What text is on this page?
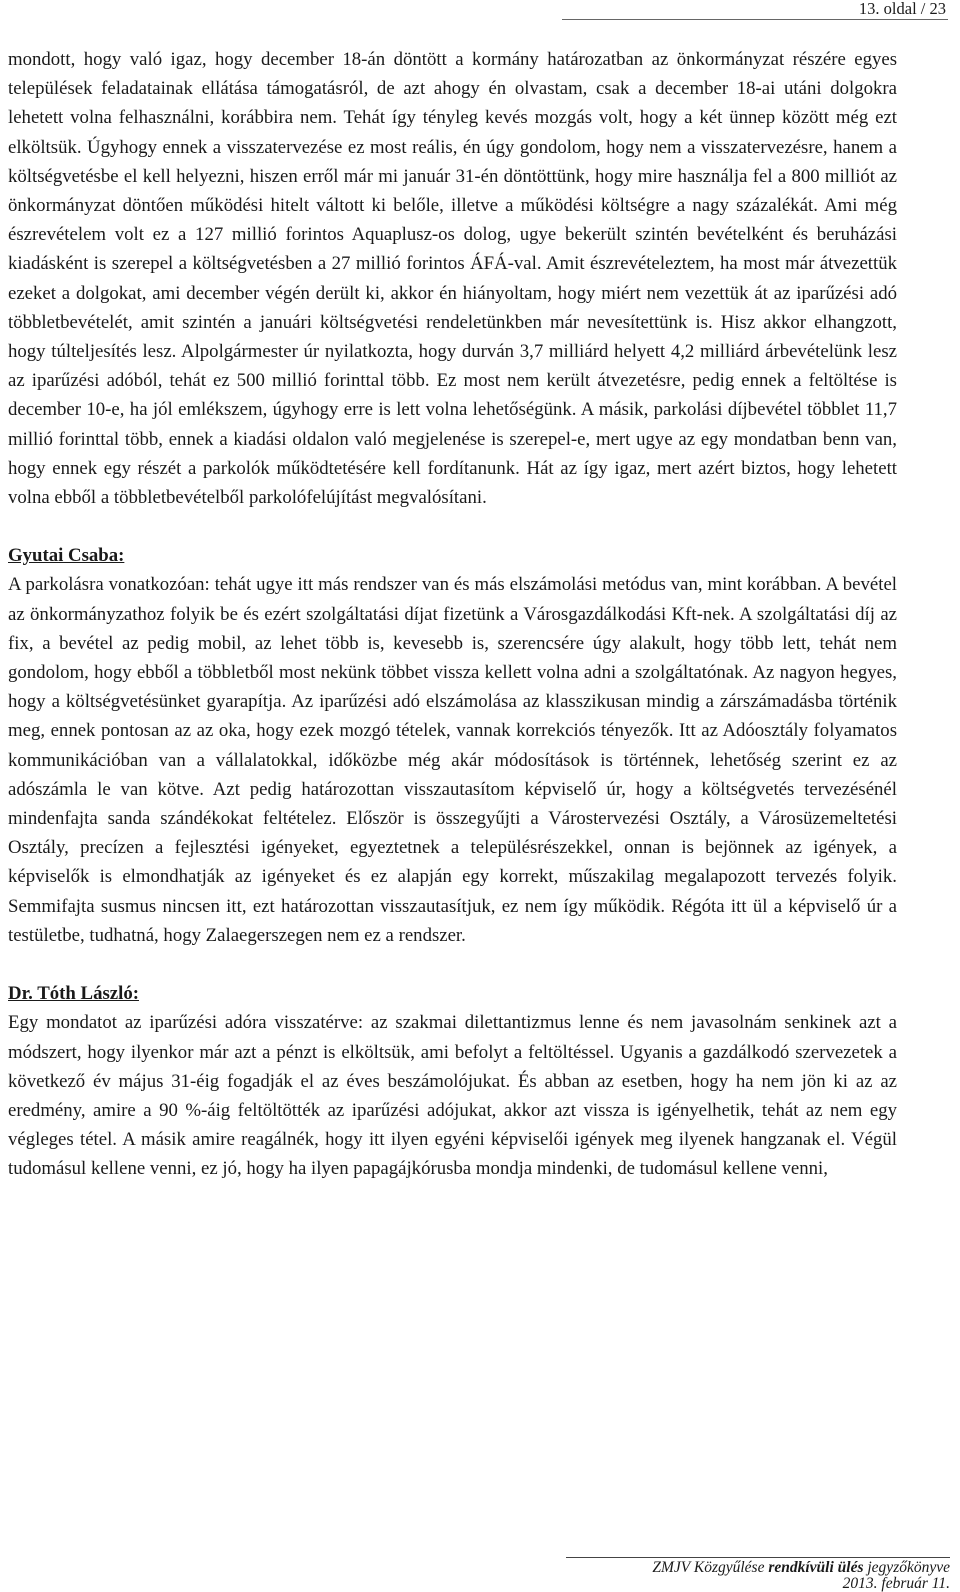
13. oldal / 23

mondott, hogy való igaz, hogy december 18-án döntött a kormány határozatban az önkormányzat részére egyes települések feladatainak ellátása támogatásról, de azt ahogy én olvastam, csak a december 18-ai utáni dolgokra lehetett volna felhasználni, korábbira nem. Tehát így tényleg kevés mozgás volt, hogy a két ünnep között még ezt elköltsük. Úgyhogy ennek a visszatervezése ez most reális, én úgy gondolom, hogy nem a visszatervezésre, hanem a költségvetésbe el kell helyezni, hiszen erről már mi január 31-én döntöttünk, hogy mire használja fel a 800 milliót az önkormányzat döntően működési hitelt váltott ki belőle, illetve a működési költségre a nagy százalékát. Ami még észrevételem volt ez a 127 millió forintos Aquaplusz-os dolog, ugye bekerült szintén bevételként és beruházási kiadásként is szerepel a költségvetésben a 27 millió forintos ÁFÁ-val. Amit észrevételeztem, ha most már átvezettük ezeket a dolgokat, ami december végén derült ki, akkor én hiányoltam, hogy miért nem vezettük át az iparűzési adó többletbevételét, amit szintén a januári költségvetési rendeletünkben már nevesítettünk is. Hisz akkor elhangzott, hogy túlteljesítés lesz. Alpolgármester úr nyilatkozta, hogy durván 3,7 milliárd helyett 4,2 milliárd árbevételünk lesz az iparűzési adóból, tehát ez 500 millió forinttal több. Ez most nem került átvezetésre, pedig ennek a feltöltése is december 10-e, ha jól emlékszem, úgyhogy erre is lett volna lehetőségünk. A másik, parkolási díjbevétel többlet 11,7 millió forinttal több, ennek a kiadási oldalon való megjelenése is szerepel-e, mert ugye az egy mondatban benn van, hogy ennek egy részét a parkolók működtetésére kell fordítanunk. Hát az így igaz, mert azért biztos, hogy lehetett volna ebből a többletbevételből parkolófelújítást megvalósítani.

Gyutai Csaba:

A parkolásra vonatkozóan: tehát ugye itt más rendszer van és más elszámolási metódus van, mint korábban. A bevétel az önkormányzathoz folyik be és ezért szolgáltatási díjat fizetünk a Városgazdálkodási Kft-nek. A szolgáltatási díj az fix, a bevétel az pedig mobil, az lehet több is, kevesebb is, szerencsére úgy alakult, hogy több lett, tehát nem gondolom, hogy ebből a többletből most nekünk többet vissza kellett volna adni a szolgáltatónak. Az nagyon hegyes, hogy a költségvetésünket gyarapítja. Az iparűzési adó elszámolása az klasszikusan mindig a zárszámadásba történik meg, ennek pontosan az az oka, hogy ezek mozgó tételek, vannak korrekciós tényezők. Itt az Adóosztály folyamatos kommunikációban van a vállalatokkal, időközbe még akár módosítások is történnek, lehetőség szerint ez az adószámla le van kötve. Azt pedig határozottan visszautasítom képviselő úr, hogy a költségvetés tervezésénél mindenfajta sanda szándékokat feltételez. Először is összegyűjti a Várostervezési Osztály, a Városüzemeltetési Osztály, precízen a fejlesztési igényeket, egyeztetnek a településrészekkel, onnan is bejönnek az igények, a képviselők is elmondhatják az igényeket és ez alapján egy korrekt, műszakilag megalapozott tervezés folyik. Semmifajta susmus nincsen itt, ezt határozottan visszautasítjuk, ez nem így működik. Régóta itt ül a képviselő úr a testületbe, tudhatná, hogy Zalaegerszegen nem ez a rendszer.

Dr. Tóth László:

Egy mondatot az iparűzési adóra visszatérve: az szakmai dilettantizmus lenne és nem javasolnám senkinek azt a módszert, hogy ilyenkor már azt a pénzt is elköltsük, ami befolyt a feltöltéssel. Ugyanis a gazdálkodó szervezetek a következő év május 31-éig fogadják el az éves beszámolójukat. És abban az esetben, hogy ha nem jön ki az az eredmény, amire a 90 %-áig feltöltötték az iparűzési adójukat, akkor azt vissza is igényelhetik, tehát az nem egy végleges tétel. A másik amire reagálnék, hogy itt ilyen egyéni képviselői igények meg ilyenek hangzanak el. Végül tudomásul kellene venni, ez jó, hogy ha ilyen papagájkórusba mondja mindenki, de tudomásul kellene venni,

ZMJV Közgyűlése rendkívüli ülés jegyzőkönyve
2013. február 11.
